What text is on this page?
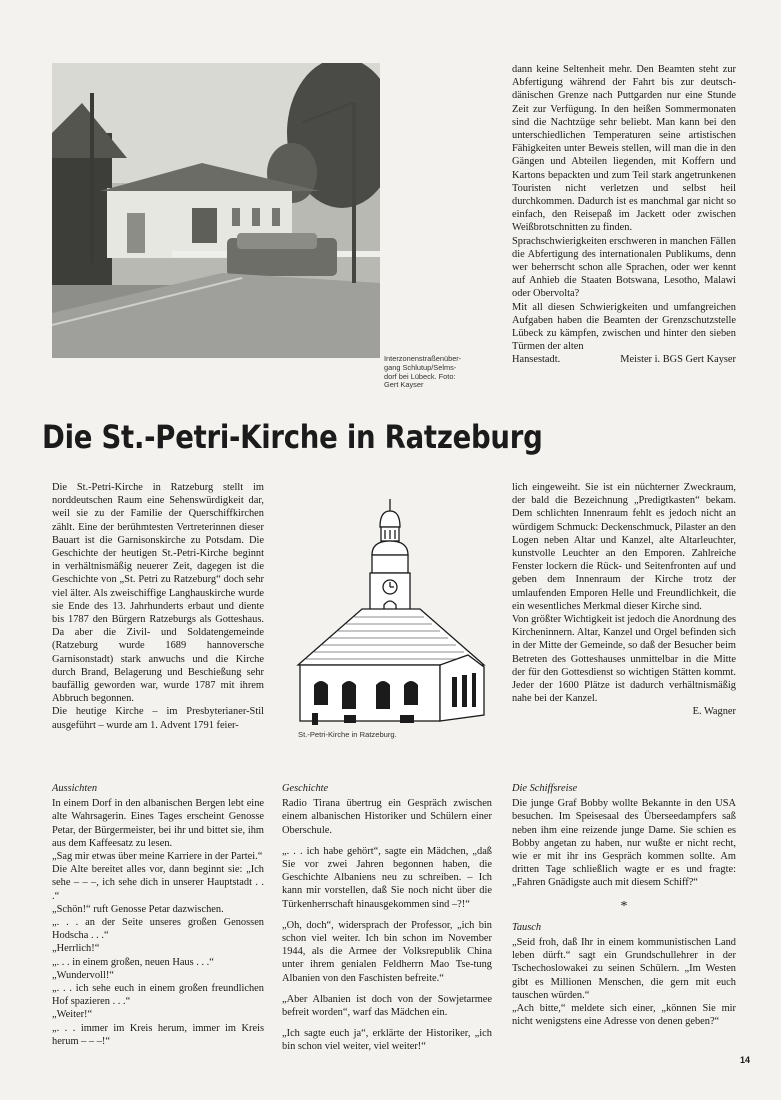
Interzonenstraßenüber-
gang Schlutup/Selms-
dorf bei Lübeck. Foto:
Gert Kayser

dann keine Seltenheit mehr. Den Beamten steht zur Abfertigung während der Fahrt bis zur deutsch-dänischen Grenze nach Puttgarden nur eine Stunde Zeit zur Verfügung. In den heißen Sommermonaten sind die Nachtzüge sehr beliebt. Man kann bei den unterschiedlichen Temperaturen seine artistischen Fähigkeiten unter Beweis stellen, will man die in den Gängen und Abteilen liegenden, mit Koffern und Kartons bepackten und zum Teil stark angetrunkenen Touristen nicht verletzen und selbst heil durchkommen. Dadurch ist es manchmal gar nicht so einfach, den Reisepaß im Jackett oder zwischen Weißbrotschnitten zu finden.

Sprachschwierigkeiten erschweren in manchen Fällen die Abfertigung des internationalen Publikums, denn wer beherrscht schon alle Sprachen, oder wer kennt auf Anhieb die Staaten Botswana, Lesotho, Malawi oder Obervolta?

Mit all diesen Schwierigkeiten und umfangreichen Aufgaben haben die Beamten der Grenzschutzstelle Lübeck zu kämpfen, zwischen und hinter den sieben Türmen der alten

Hansestadt.	Meister i. BGS Gert Kayser
Die St.-Petri-Kirche in Ratzeburg

Die St.-Petri-Kirche in Ratzeburg stellt im norddeutschen Raum eine Sehenswürdigkeit dar, weil sie zu der Familie der Querschiffkirchen zählt. Eine der berühmtesten Vertreterinnen dieser Bauart ist die Garnisonskirche zu Potsdam. Die Geschichte der heutigen St.-Petri-Kirche beginnt in verhältnismäßig neuerer Zeit, dagegen ist die Geschichte von „St. Petri zu Ratzeburg“ doch sehr viel älter. Als zweischiffige Langhauskirche wurde sie Ende des 13. Jahrhunderts erbaut und diente bis 1787 den Bürgern Ratzeburgs als Gotteshaus. Da aber die Zivil- und Soldatengemeinde (Ratzeburg wurde 1689 hannoversche Garnisonstadt) stark anwuchs und die Kirche durch Brand, Belagerung und Beschießung sehr baufällig geworden war, wurde 1787 mit ihrem Abbruch begonnen.

Die heutige Kirche – im Presbyterianer-Stil ausgeführt – wurde am 1. Advent 1791 feier-

St.-Petri-Kirche in Ratzeburg.

lich eingeweiht. Sie ist ein nüchterner Zweckraum, der bald die Bezeichnung „Predigtkasten“ bekam. Dem schlichten Innenraum fehlt es jedoch nicht an würdigem Schmuck: Deckenschmuck, Pilaster an den Logen neben Altar und Kanzel, alte Altarleuchter, kunstvolle Leuchter an den Emporen. Zahlreiche Fenster lockern die Rück- und Seitenfronten auf und geben dem Innenraum der Kirche trotz der umlaufenden Emporen Helle und Freundlichkeit, die ein wesentliches Merkmal dieser Kirche sind.

Von größter Wichtigkeit ist jedoch die Anordnung des Kircheninnern. Altar, Kanzel und Orgel befinden sich in der Mitte der Gemeinde, so daß der Besucher beim Betreten des Gotteshauses unmittelbar in die Mitte der für den Gottesdienst so wichtigen Stätten kommt. Jeder der 1600 Plätze ist dadurch verhältnismäßig nahe bei der Kanzel.

E. Wagner

Aussichten

In einem Dorf in den albanischen Bergen lebt eine alte Wahrsagerin. Eines Tages erscheint Genosse Petar, der Bürgermeister, bei ihr und bittet sie, ihm aus dem Kaffeesatz zu lesen.

„Sag mir etwas über meine Karriere in der Partei.“

Die Alte bereitet alles vor, dann beginnt sie: „Ich sehe – – –, ich sehe dich in unserer Hauptstadt . . .“

„Schön!“ ruft Genosse Petar dazwischen.

„. . . an der Seite unseres großen Genossen Hodscha . . .“

„Herrlich!“

„. . . in einem großen, neuen Haus . . .“

„Wundervoll!“

„. . . ich sehe euch in einem großen freundlichen Hof spazieren . . .“

„Weiter!“

„. . . immer im Kreis herum, immer im Kreis herum – – –!“

Geschichte

Radio Tirana übertrug ein Gespräch zwischen einem albanischen Historiker und Schülern einer Oberschule.

„. . . ich habe gehört“, sagte ein Mädchen, „daß Sie vor zwei Jahren begonnen haben, die Geschichte Albaniens neu zu schreiben. – Ich kann mir vorstellen, daß Sie noch nicht über die Türkenherrschaft hinausgekommen sind –?!“

„Oh, doch“, widersprach der Professor, „ich bin schon viel weiter. Ich bin schon im November 1944, als die Armee der Volksrepublik China unter ihrem genialen Feldherrn Mao Tse-tung Albanien von den Faschisten befreite.“

„Aber Albanien ist doch von der Sowjetarmee befreit worden“, warf das Mädchen ein.

„Ich sagte euch ja“, erklärte der Historiker, „ich bin schon viel weiter, viel weiter!“

Die Schiffsreise

Die junge Graf Bobby wollte Bekannte in den USA besuchen. Im Speisesaal des Überseedampfers saß neben ihm eine reizende junge Dame. Sie schien es Bobby angetan zu haben, nur wußte er nicht recht, wie er mit ihr ins Gespräch kommen sollte. Am dritten Tage schließlich wagte er es und fragte: „Fahren Gnädigste auch mit diesem Schiff?“

*

Tausch

„Seid froh, daß Ihr in einem kommunistischen Land leben dürft.“ sagt ein Grundschullehrer in der Tschechoslowakei zu seinen Schülern. „Im Westen gibt es Millionen Menschen, die gern mit euch tauschen würden.“

„Ach bitte,“ meldete sich einer, „können Sie mir nicht wenigstens eine Adresse von denen geben?“

14
